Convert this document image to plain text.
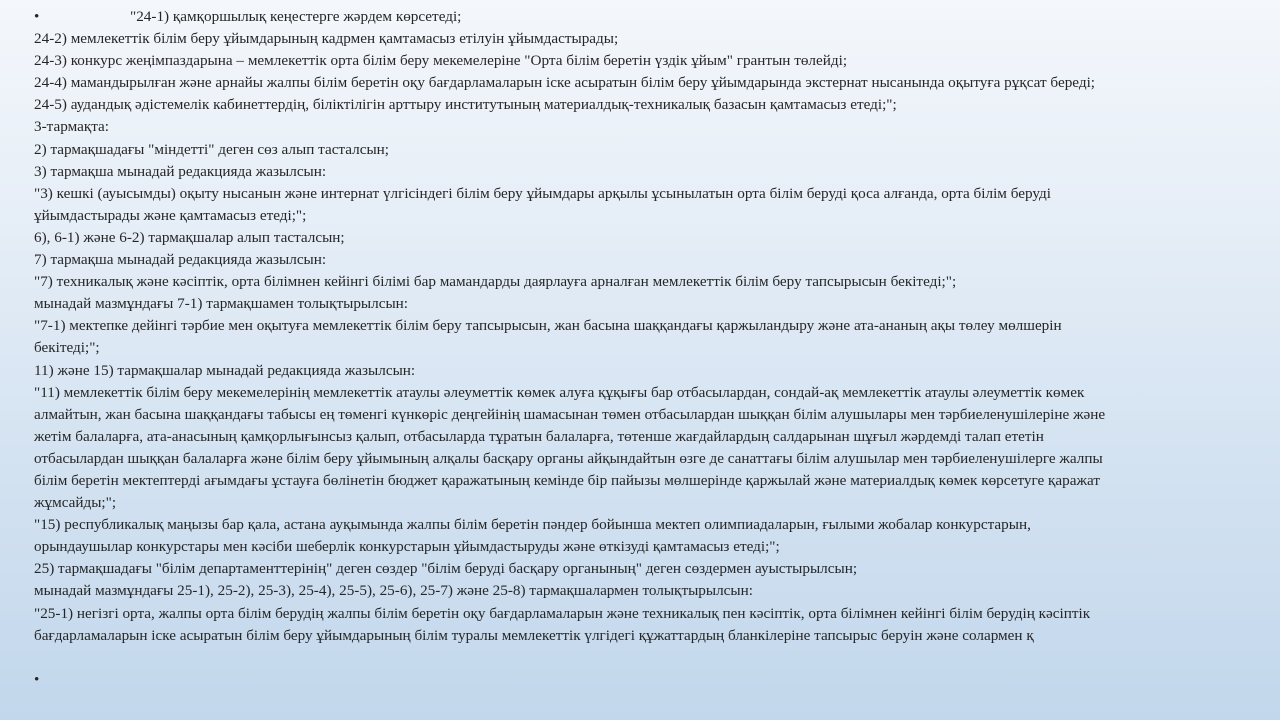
•	"24-1) қамқоршылық кеңестерге жәрдем көрсетеді;
24-2) мемлекеттік білім беру ұйымдарының кадрмен қамтамасыз етілуін ұйымдастырады;
24-3) конкурс жеңімпаздарына – мемлекеттік орта білім беру мекемелеріне "Орта білім беретін үздік ұйым" грантын төлейді;
24-4) мамандырылған және арнайы жалпы білім беретін оқу бағдарламаларын іске асыратын білім беру ұйымдарында экстернат нысанында оқытуға рұқсат береді;
24-5) аудандық әдістемелік кабинеттердің, біліктілігін арттыру институтының материалдық-техникалық базасын қамтамасыз етеді;";
3-тармақта:
2) тармақшадағы "міндетті" деген сөз алып тасталсын;
3) тармақша мынадай редакцияда жазылсын:
"3) кешкі (ауысымды) оқыту нысанын және интернат үлгісіндегі білім беру ұйымдары арқылы ұсынылатын орта білім беруді қоса алғанда, орта білім беруді
ұйымдастырады және қамтамасыз етеді;";
6), 6-1) және 6-2) тармақшалар алып тасталсын;
7) тармақша мынадай редакцияда жазылсын:
"7) техникалық және кәсіптік, орта білімнен кейінгі білімі бар мамандарды даярлауға арналған мемлекеттік білім беру тапсырысын бекітеді;";
мынадай мазмұндағы 7-1) тармақшамен толықтырылсын:
"7-1) мектепке дейінгі тәрбие мен оқытуға мемлекеттік білім беру тапсырысын, жан басына шаққандағы қаржыландыру және ата-ананың ақы төлеу мөлшерін
бекітеді;";
11) және 15) тармақшалар мынадай редакцияда жазылсын:
"11) мемлекеттік білім беру мекемелерінің мемлекеттік атаулы әлеуметтік көмек алуға құқығы бар отбасылардан, сондай-ақ мемлекеттік атаулы әлеуметтік көмек
алмайтын, жан басына шаққандағы табысы ең төменгі күнкөріс деңгейінің шамасынан төмен отбасылардан шыққан білім алушылары мен тәрбиеленушілеріне және
жетім балаларға, ата-анасының қамқорлығынсыз қалып, отбасыларда тұратын балаларға, төтенше жағдайлардың салдарынан шұғыл жәрдемді талап ететін
отбасылардан шыққан балаларға және білім беру ұйымының алқалы басқару органы айқындайтын өзге де санаттағы білім алушылар мен тәрбиеленушілерге жалпы
білім беретін мектептерді ағымдағы ұстауға бөлінетін бюджет қаражатының кемінде бір пайызы мөлшерінде қаржылай және материалдық көмек көрсетуге қаражат
жұмсайды;";
"15) республикалық маңызы бар қала, астана ауқымында жалпы білім беретін пәндер бойынша мектеп олимпиадаларын, ғылыми жобалар конкурстарын,
орындаушылар конкурстары мен кәсіби шеберлік конкурстарын ұйымдастыруды және өткізуді қамтамасыз етеді;";
25) тармақшадағы "білім департаменттерінің" деген сөздер "білім беруді басқару органының" деген сөздермен ауыстырылсын;
мынадай мазмұндағы 25-1), 25-2), 25-3), 25-4), 25-5), 25-6), 25-7) және 25-8) тармақшалармен толықтырылсын:
"25-1) негізгі орта, жалпы орта білім берудің жалпы білім беретін оқу бағдарламаларын және техникалық пен кәсіптік, орта білімнен кейінгі білім берудің кәсіптік
бағдарламаларын іске асыратын білім беру ұйымдарының білім туралы мемлекеттік үлгідегі құжаттардың бланкілеріне тапсырыс беруін және солармен қ
•
